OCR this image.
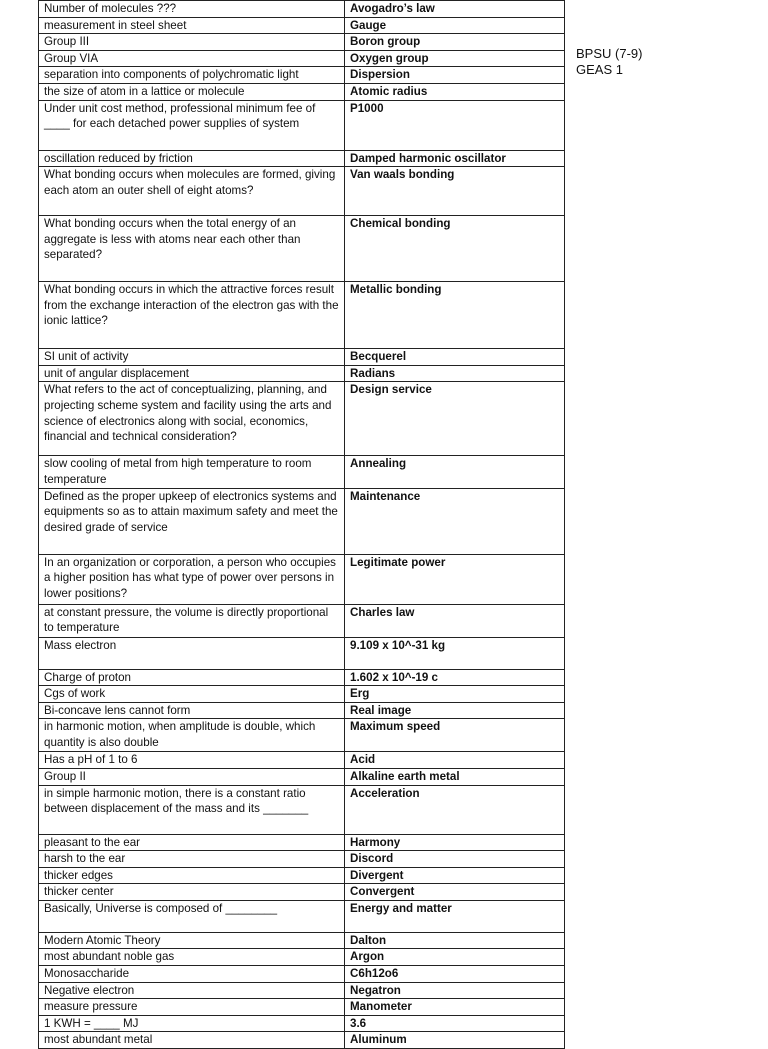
Number of molecules ???	Avogadro’s law
measurement in steel sheet	Gauge
Group III	Boron group
Group VIA	Oxygen group
separation into components of polychromatic light	Dispersion
the size of atom in a lattice or molecule	Atomic radius
Under unit cost method, professional minimum fee of ____ for each detached power supplies of system	P1000
oscillation reduced by friction	Damped harmonic oscillator
What bonding occurs when molecules are formed, giving each atom an outer shell of eight atoms?	Van waals bonding
What bonding occurs when the total energy of an aggregate is less with atoms near each other than separated?	Chemical bonding
What bonding occurs in which the attractive forces result from the exchange interaction of the electron gas with the ionic lattice?	Metallic bonding
SI unit of activity	Becquerel
unit of angular displacement	Radians
What refers to the act of conceptualizing, planning, and projecting scheme system and facility using the arts and science of electronics along with social, economics, financial and technical consideration?	Design service
slow cooling of metal from high temperature to room temperature	Annealing
Defined as the proper upkeep of electronics systems and equipments so as to attain maximum safety and meet the desired grade of service	Maintenance
In an organization or corporation, a person who occupies a higher position has what type of power over persons in lower positions?	Legitimate power
at constant pressure, the volume is directly proportional to temperature	Charles law
Mass electron	9.109 x 10^-31 kg
Charge of proton	1.602 x 10^-19 c
Cgs of work	Erg
Bi-concave lens cannot form	Real image
in harmonic motion, when amplitude is double, which quantity is also double	Maximum speed
Has a pH of 1 to 6	Acid
Group II	Alkaline earth metal
in simple harmonic motion, there is a constant ratio between displacement of the mass and its _______	Acceleration
pleasant to the ear	Harmony
harsh to the ear	Discord
thicker edges	Divergent
thicker center	Convergent
Basically, Universe is composed of ________	Energy and matter
Modern Atomic Theory	Dalton
most abundant noble gas	Argon
Monosaccharide	C6h12o6
Negative electron	Negatron
measure pressure	Manometer
1 KWH = ____ MJ	3.6
most abundant metal	Aluminum
BPSU (7-9)
GEAS 1
